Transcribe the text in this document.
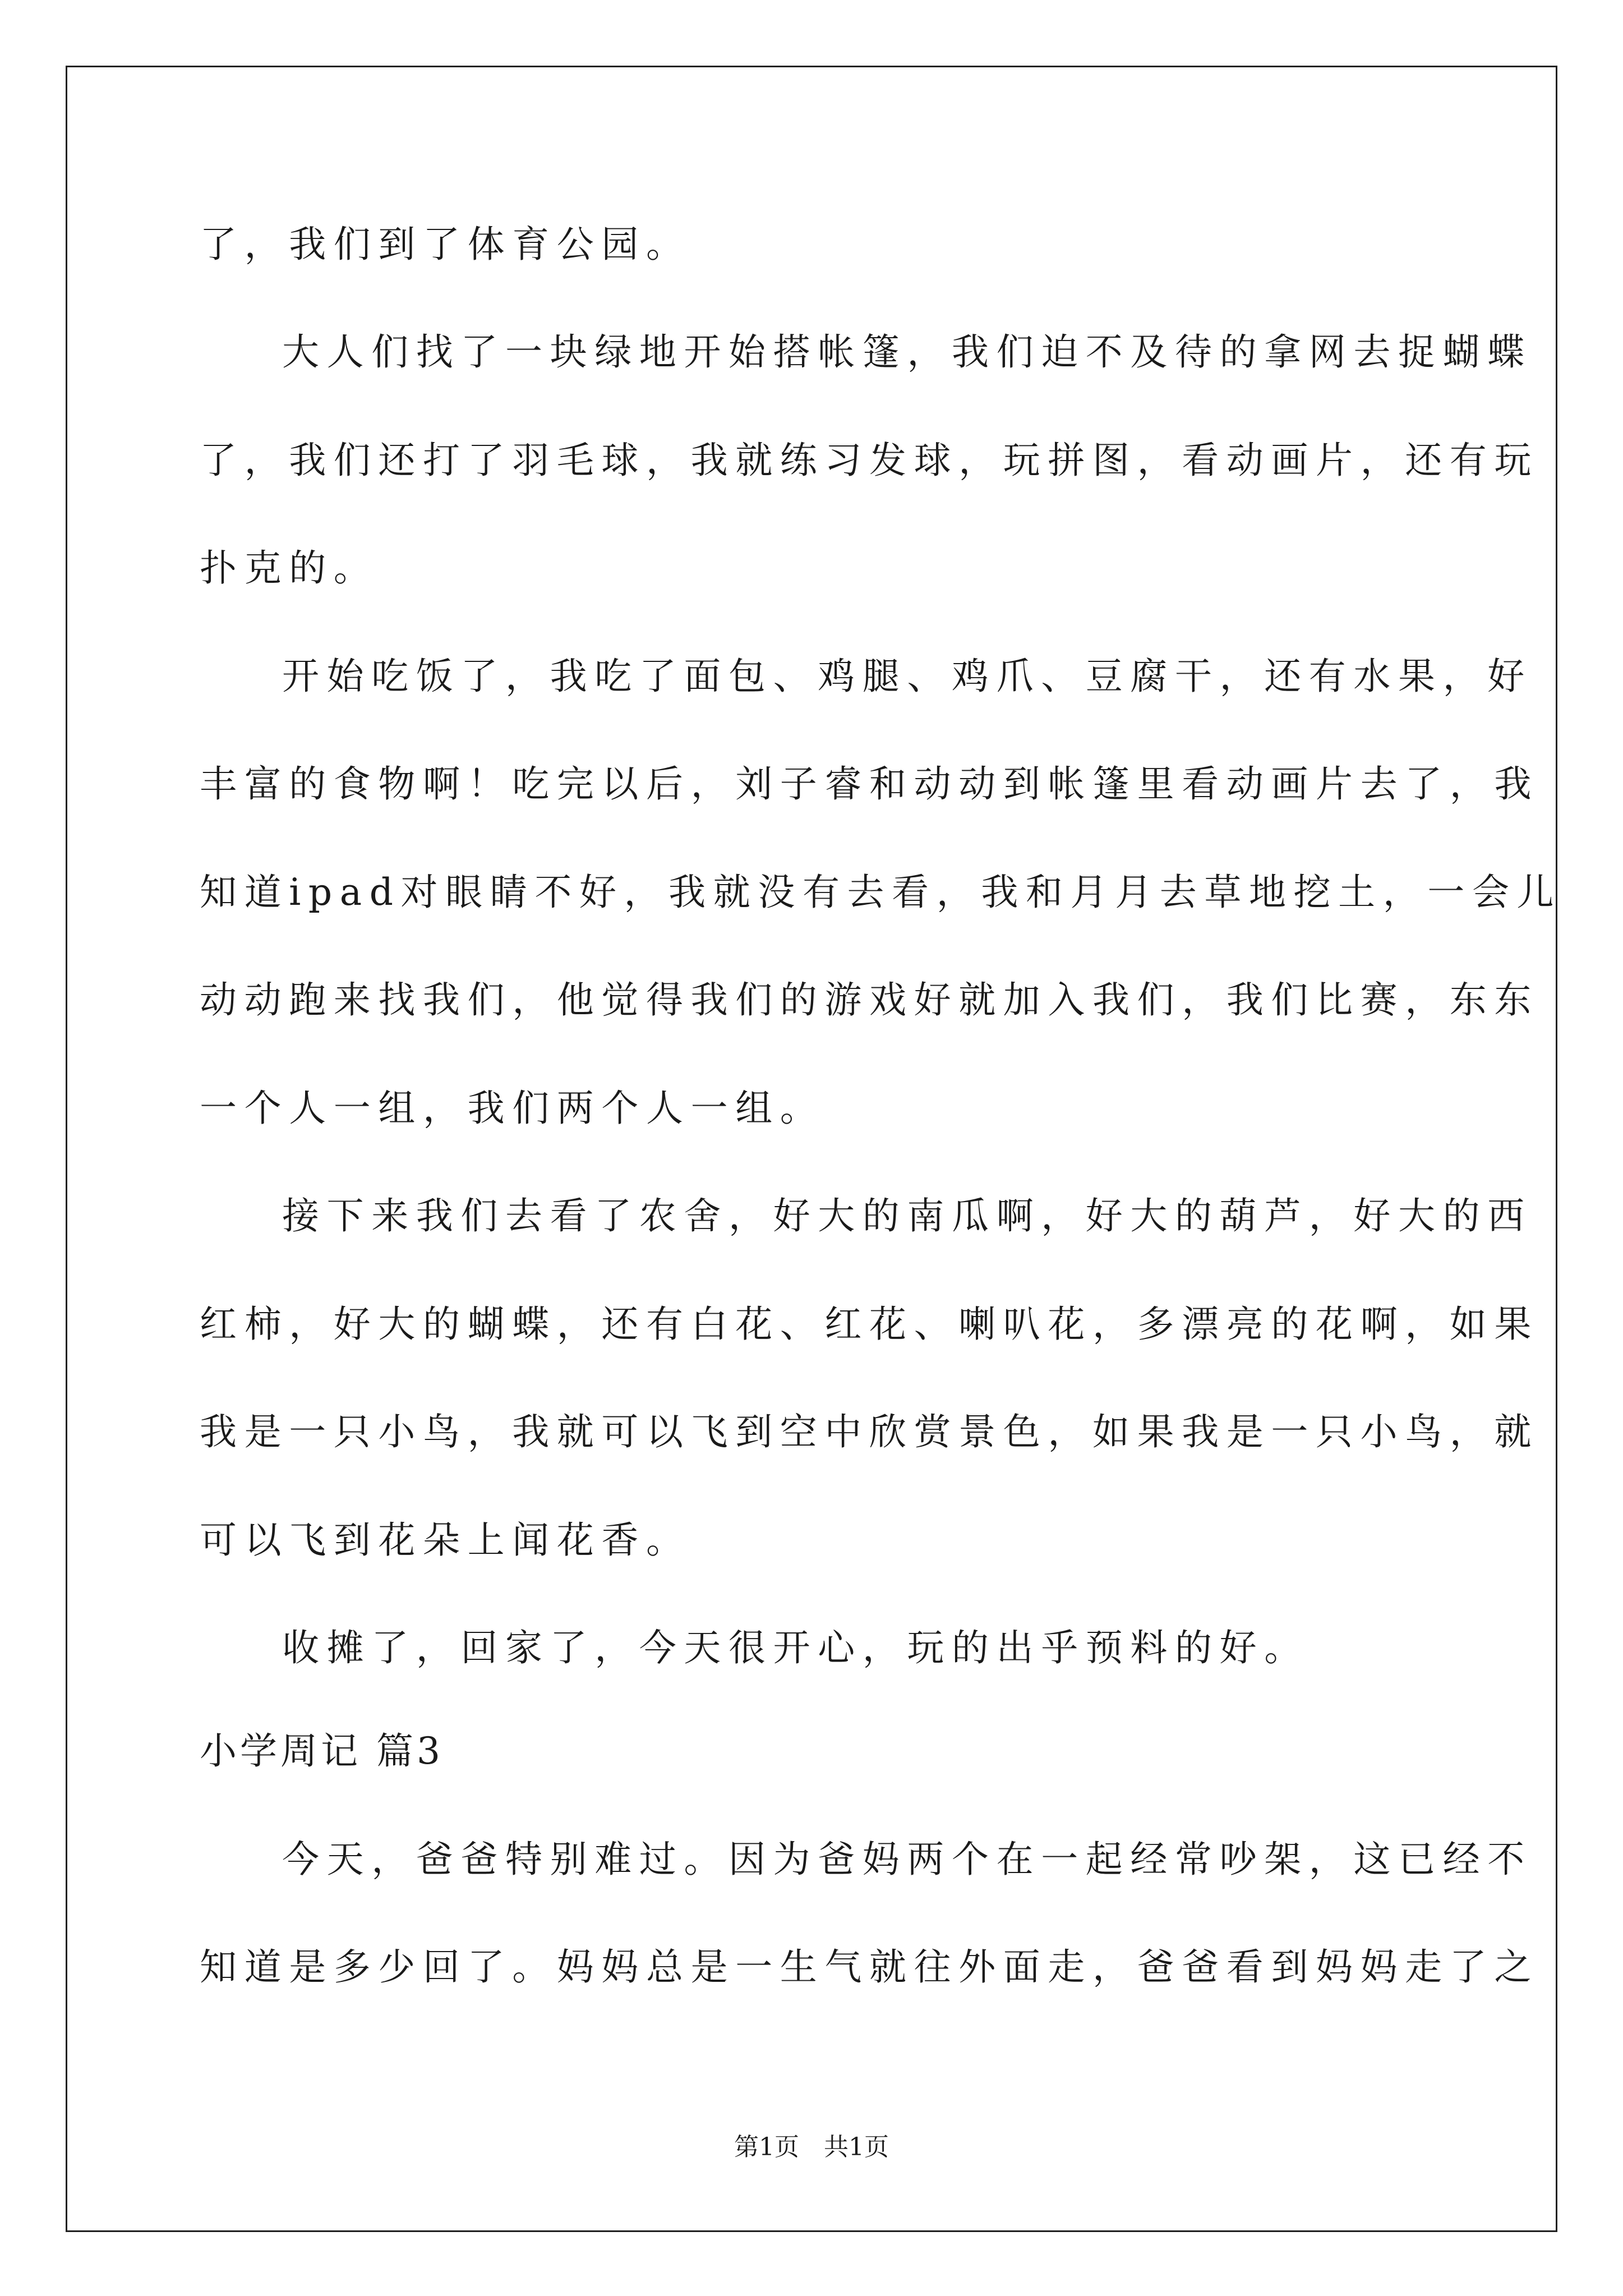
了，我们到了体育公园。
大人们找了一块绿地开始搭帐篷，我们迫不及待的拿网去捉蝴蝶
了，我们还打了羽毛球，我就练习发球，玩拼图，看动画片，还有玩
扑克的。
开始吃饭了，我吃了面包、鸡腿、鸡爪、豆腐干，还有水果，好
丰富的食物啊！吃完以后，刘子睿和动动到帐篷里看动画片去了，我
知道ipad对眼睛不好，我就没有去看，我和月月去草地挖土，一会儿
动动跑来找我们，他觉得我们的游戏好就加入我们，我们比赛，东东
一个人一组，我们两个人一组。
接下来我们去看了农舍，好大的南瓜啊，好大的葫芦，好大的西
红柿，好大的蝴蝶，还有白花、红花、喇叭花，多漂亮的花啊，如果
我是一只小鸟，我就可以飞到空中欣赏景色，如果我是一只小鸟，就
可以飞到花朵上闻花香。
收摊了，回家了，今天很开心，玩的出乎预料的好。
小学周记 篇3
今天，爸爸特别难过。因为爸妈两个在一起经常吵架，这已经不
知道是多少回了。妈妈总是一生气就往外面走，爸爸看到妈妈走了之
第1页　共1页
